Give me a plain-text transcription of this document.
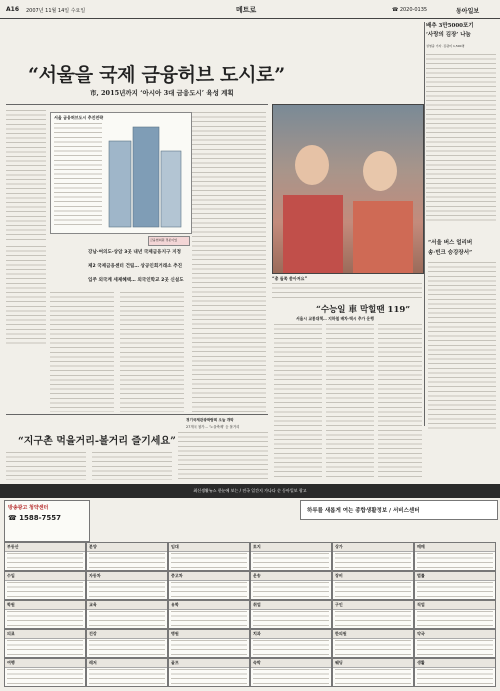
A16 2007년 11월 14일 수요일	메트로	☎ 2020-0135	동아일보
“서울을 국제 금융허브 도시로”
市, 2015년까지 ‘아시아 3대 금융도시’ 육성 계획
서울 금융허브도시 추진전략
금융협회원 경분이었
강남·여의도·상암 3곳 내년 국제금융지구 지정
제2 국제금융센터 건립… 상공인회거래소 추진
입주 외국계 세제혜택… 외국인학교 2곳 신설도	“총 들쪽 쏟아져요”
배추 3만5000포기
‘사랑의 김장’ 나눔
성영중 기자 ·김평미 1,500명
“서울 버스 얼리버
송·빈크 승강장서”
“지구촌 먹을거리-볼거리 즐기세요”
경기국제관광박람회 오늘 개막
27개국 참가… ‘노을축제’ 등 볼거리
“수능일 車 막힐땐 119”
서울시 교통대책… 지하철 배차·택시 추가 운행
최신생활뉴스 한눈에 보는 / 전국 일간지 가나다 순 동아일보 광고
방송광고 청약센터
☎ 1588-7557
하루를 새롭게 여는 종합생활정보 / 서비스센터
부동산	분양	임대	토지	상가	매매
수입	자동차	중고차	운송	장비	법률
학원	교육	유학	취업	구인	직업
의료	건강	병원	치과	한의원	약국
여행	레저	골프	숙박	웨딩	생활
